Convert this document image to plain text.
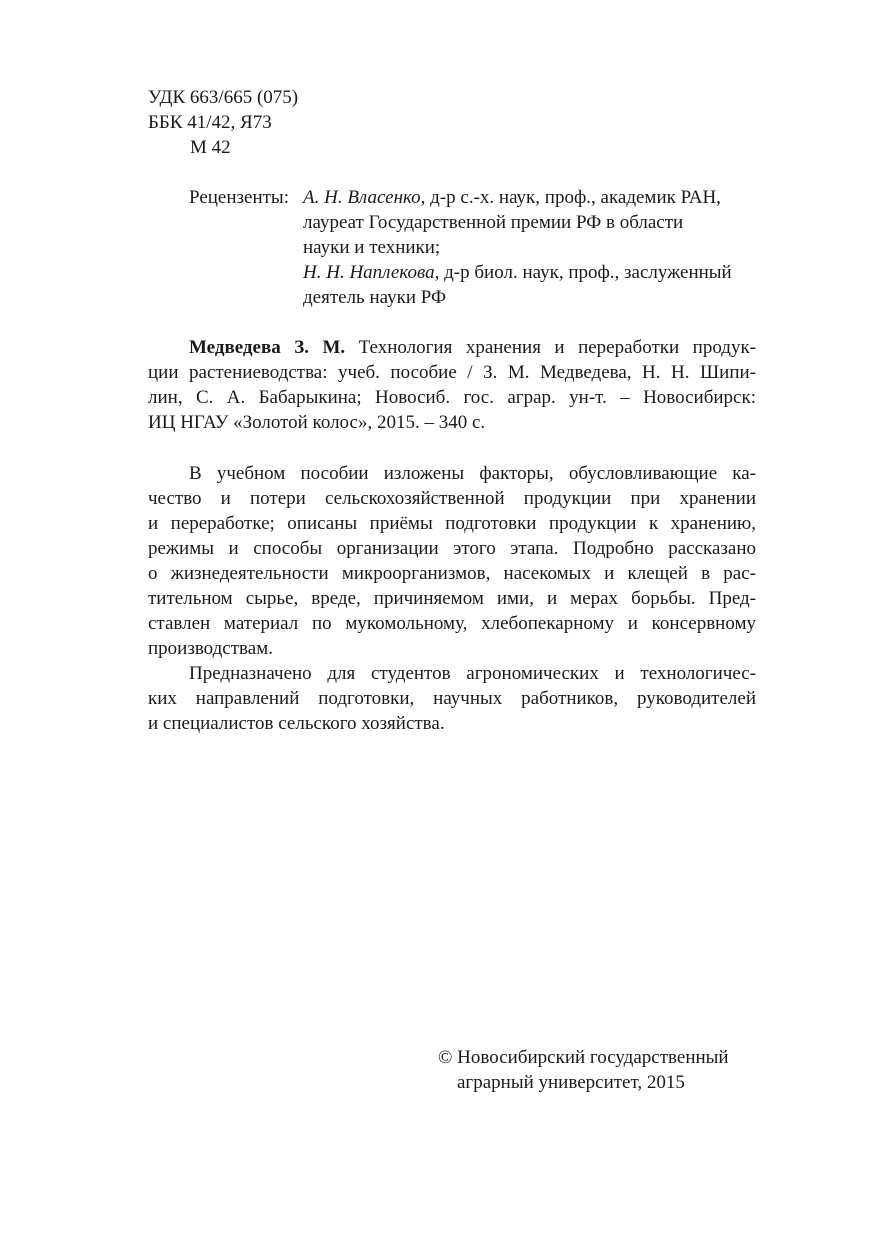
УДК 663/665 (075)
ББК 41/42, Я73
М 42
Рецензенты: А. Н. Власенко, д-р с.-х. наук, проф., академик РАН,
лауреат Государственной премии РФ в области
науки и техники;
Н. Н. Наплекова, д-р биол. наук, проф., заслуженный
деятель науки РФ
Медведева З. М. Технология хранения и переработки продук-
ции растениеводства: учеб. пособие / З. М. Медведева, Н. Н. Шипи-
лин, С. А. Бабарыкина; Новосиб. гос. аграр. ун-т. – Новосибирск:
ИЦ НГАУ «Золотой колос», 2015. – 340 с.
В учебном пособии изложены факторы, обусловливающие ка-
чество и потери сельскохозяйственной продукции при хранении
и переработке; описаны приёмы подготовки продукции к хранению,
режимы и способы организации этого этапа. Подробно рассказано
о жизнедеятельности микроорганизмов, насекомых и клещей в рас-
тительном сырье, вреде, причиняемом ими, и мерах борьбы. Пред-
ставлен материал по мукомольному, хлебопекарному и консервному
производствам.
Предназначено для студентов агрономических и технологичес-
ких направлений подготовки, научных работников, руководителей
и специалистов сельского хозяйства.
© Новосибирский государственный
аграрный университет, 2015
